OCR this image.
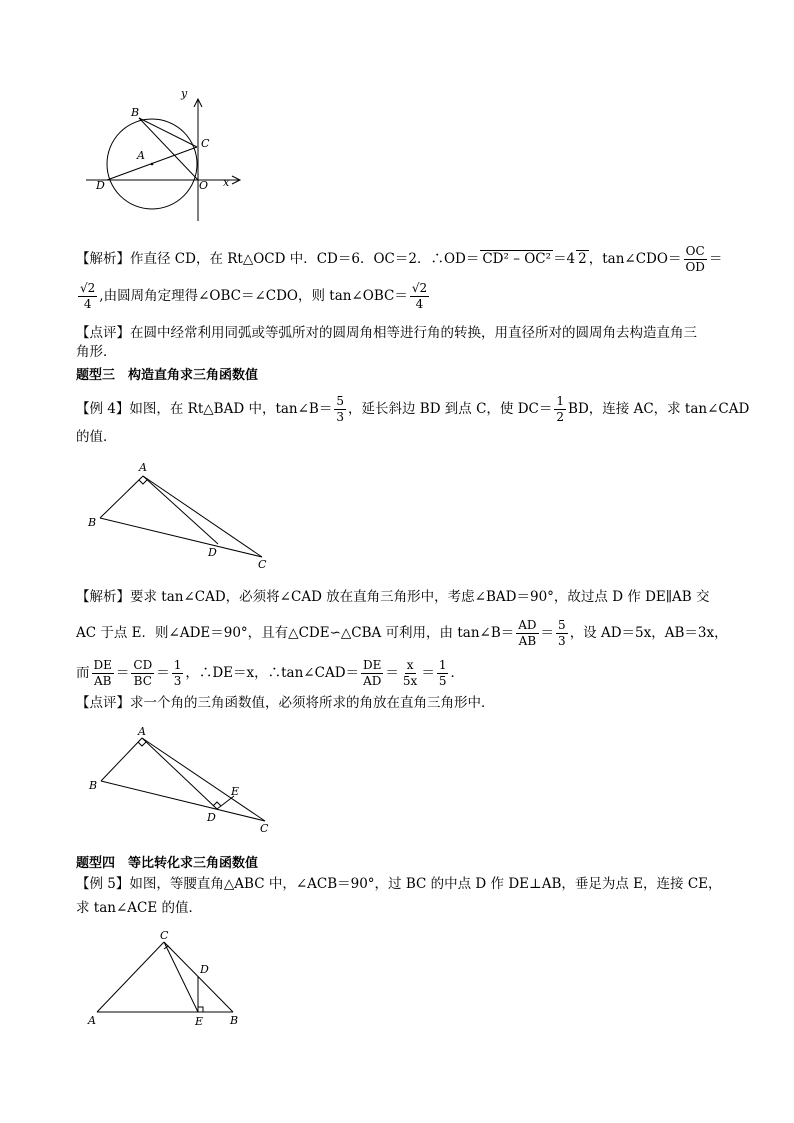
B
A
C
D	O
y
x
【解析】作直径 CD，在 Rt△OCD 中．CD＝6．OC＝2．∴OD＝ CD² – OC² ＝4 2 ，tan∠CDO＝ $\frac{OC}{OD}$ ＝
$\frac{√2}{4}$ ,由圆周角定理得∠OBC＝∠CDO，则 tan∠OBC＝ $\frac{√2}{4}$
【点评】在圆中经常利用同弧或等弧所对的圆周角相等进行角的转换，用直径所对的圆周角去构造直角三
角形．
题型三　构造直角求三角函数值
【例 4】如图，在 Rt△BAD 中，tan∠B＝ $\frac{5}{3}$ ，延长斜边 BD 到点 C，使 $DC= \frac{1}{2}$ BD，连接 AC，求 tan∠CAD
的值．
A
B
D
C
【解析】要求 tan∠CAD，必须将∠CAD 放在直角三角形中，考虑∠BAD＝90°，故过点 D 作 DE∥AB 交
AC 于点 E．则∠ADE＝90°，且有△CDE∽△CBA 可利用，由 tan∠B＝ $\frac{AD}{AB} = \frac{5}{3}$ ，设 AD＝5x，AB＝3x，
而 $\frac{DE}{AB} = \frac{CD}{BC} = \frac{1}{3}$ ，∴DE＝x，∴tan∠CAD＝ $\frac{DE}{AD} = \frac{x}{5x} = \frac{1}{5}$ ．
【点评】求一个角的三角函数值，必须将所求的角放在直角三角形中．
A
B	E
D
C
题型四　等比转化求三角函数值
【例 5】如图，等腰直角△ABC 中，∠ACB＝90°，过 BC 的中点 D 作 DE⊥AB，垂足为点 E，连接 CE，
求 tan∠ACE 的值．
C
D
A	E B
